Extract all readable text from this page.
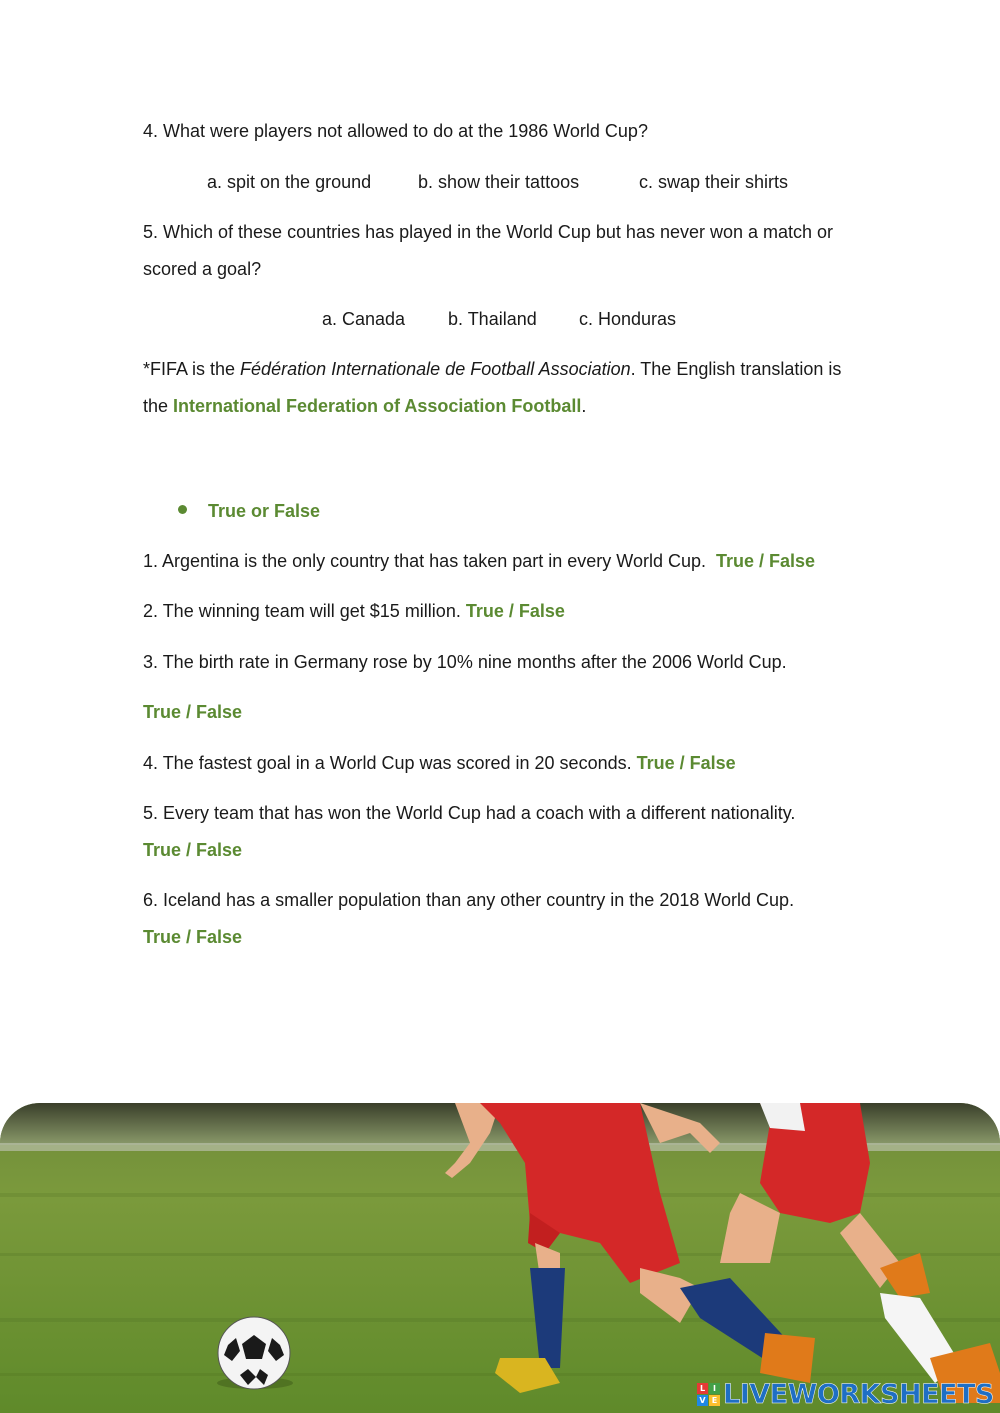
4. What were players not allowed to do at the 1986 World Cup?
a. spit on the ground	b. show their tattoos	c. swap their shirts
5. Which of these countries has played in the World Cup but has never won a match or
scored a goal?
a. Canada b. Thailand c. Honduras
*FIFA is the Fédération Internationale de Football Association. The English translation is
the International Federation of Association Football.
True or False
1. Argentina is the only country that has taken part in every World Cup. True / False
2. The winning team will get $15 million. True / False
3. The birth rate in Germany rose by 10% nine months after the 2006 World Cup.
True / False
4. The fastest goal in a World Cup was scored in 20 seconds. True / False
5. Every team that has won the World Cup had a coach with a different nationality.
True / False
6. Iceland has a smaller population than any other country in the 2018 World Cup.
True / False
L I
V E LIVEWORKSHEETS
